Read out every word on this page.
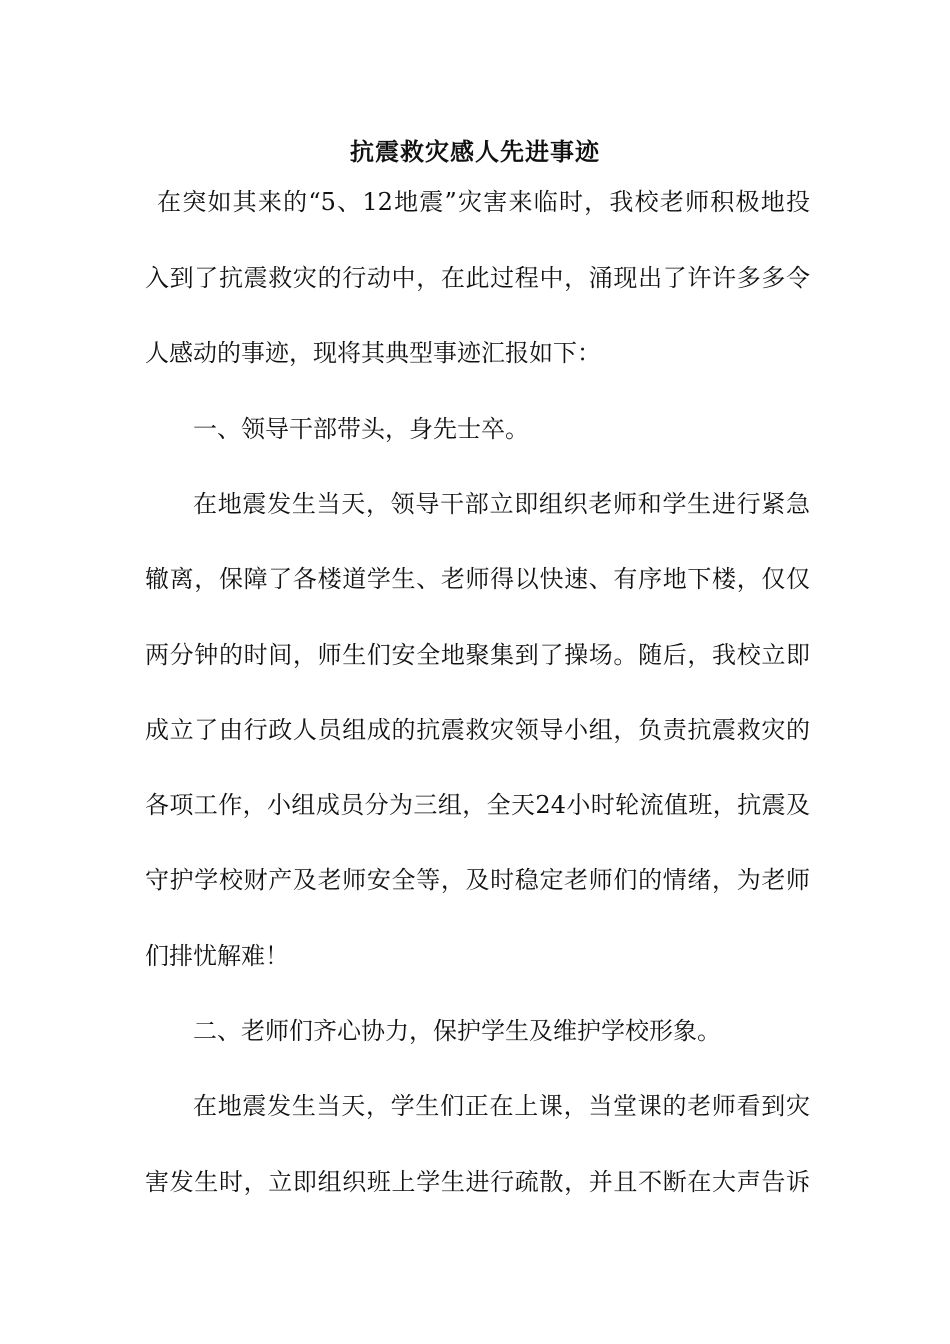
抗震救灾感人先进事迹
在突如其来的“5、12地震”灾害来临时，我校老师积极地投
入到了抗震救灾的行动中，在此过程中，涌现出了许许多多令
人感动的事迹，现将其典型事迹汇报如下：
一、领导干部带头，身先士卒。
在地震发生当天，领导干部立即组织老师和学生进行紧急
辙离，保障了各楼道学生、老师得以快速、有序地下楼，仅仅
两分钟的时间，师生们安全地聚集到了操场。随后，我校立即
成立了由行政人员组成的抗震救灾领导小组，负责抗震救灾的
各项工作，小组成员分为三组，全天24小时轮流值班，抗震及
守护学校财产及老师安全等，及时稳定老师们的情绪，为老师
们排忧解难！
二、老师们齐心协力，保护学生及维护学校形象。
在地震发生当天，学生们正在上课，当堂课的老师看到灾
害发生时，立即组织班上学生进行疏散，并且不断在大声告诉
